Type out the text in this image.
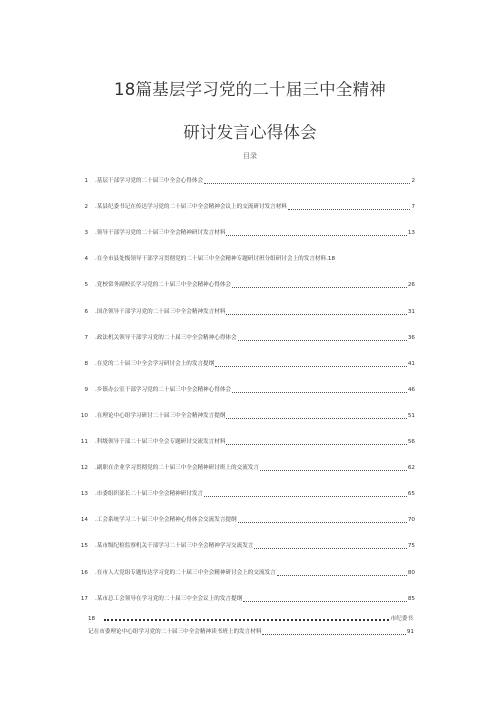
18篇基层学习党的二十届三中全精神
研讨发言心得体会
目录
1 .基层干部学习党的二十届三中全会心得体会	2
2 .某县纪委书记在传达学习党的二十届三中全会精神会议上的交流研讨发言材料	7
3 .领导干部学习党的二十届三中全会精神研讨发言材料	13
4 .在全市县处级领导干部学习贯彻党的二十届三中全会精神专题研讨班分组研讨会上的发言材料.18
5 .党校常务副校长学习党的二十届三中全会精神心得体会	26
6 .国企领导干部学习党的二十届三中全会精神发言材料	31
7 .政法机关领导干部学习党的二十届三中全会精神心得体会	36
8 .在党的二十届三中全会学习研讨会上的发言提纲	41
9 .乡镇办公室干部学习党的二十届三中全会精神心得体会	46
10 .在理论中心组学习研讨二十届三中全会精神发言提纲	51
11 .科级领导干部二十届三中全会专题研讨交流发言材料	56
12 .副职在企业学习贯彻党的二十届三中全会精神研讨班上的交流发言	62
13 .市委组织部长二十届三中全会精神研讨发言	65
14 .工会系统学习二十届三中全会精神心得体会交流发言提纲	70
15 .某市级纪检监察机关干部学习二十届三中全会精神学习交流发言	75
16 .在市人大党组专题传达学习党的二十届三中全会精神研讨会上的交流发言	80
17 .某市总工会领导在学习党的二十届三中全会议上的发言提纲	85
18	市纪委书
记在市委理论中心组学习党的二十届三中全会精神读书班上的发言材料	91
